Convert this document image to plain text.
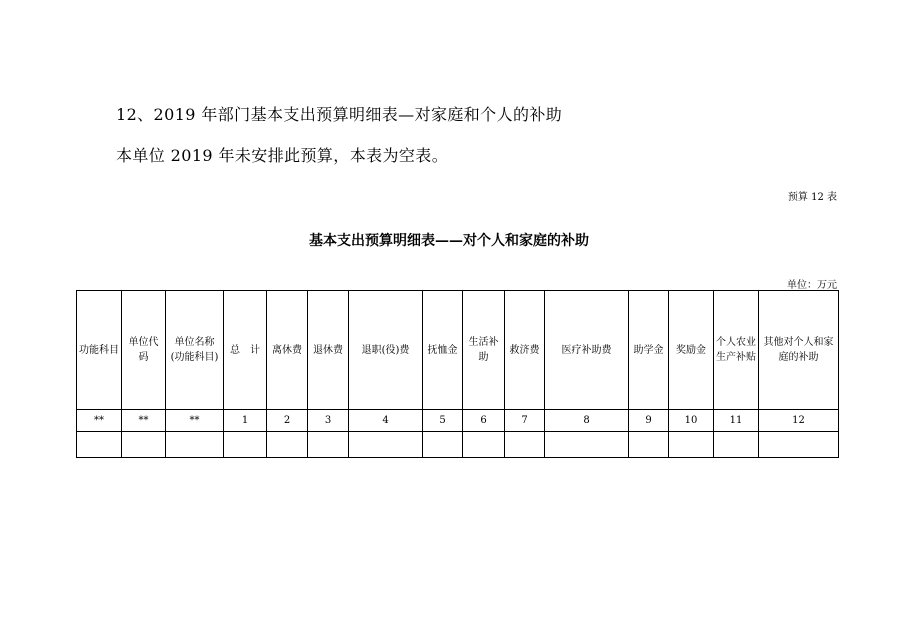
12、2019 年部门基本支出预算明细表—对家庭和个人的补助
本单位 2019 年未安排此预算，本表为空表。
预算 12 表
基本支出预算明细表——对个人和家庭的补助
单位：万元
功能科目	单位代码	单位名称(功能科目)	总　计	离休费	退休费	退职(役)费	抚恤金	生活补助	救济费	医疗补助费	助学金	奖励金	个人农业生产补贴	其他对个人和家庭的补助
**	**	**	1	2	3	4	5	6	7	8	9	10	11	12
